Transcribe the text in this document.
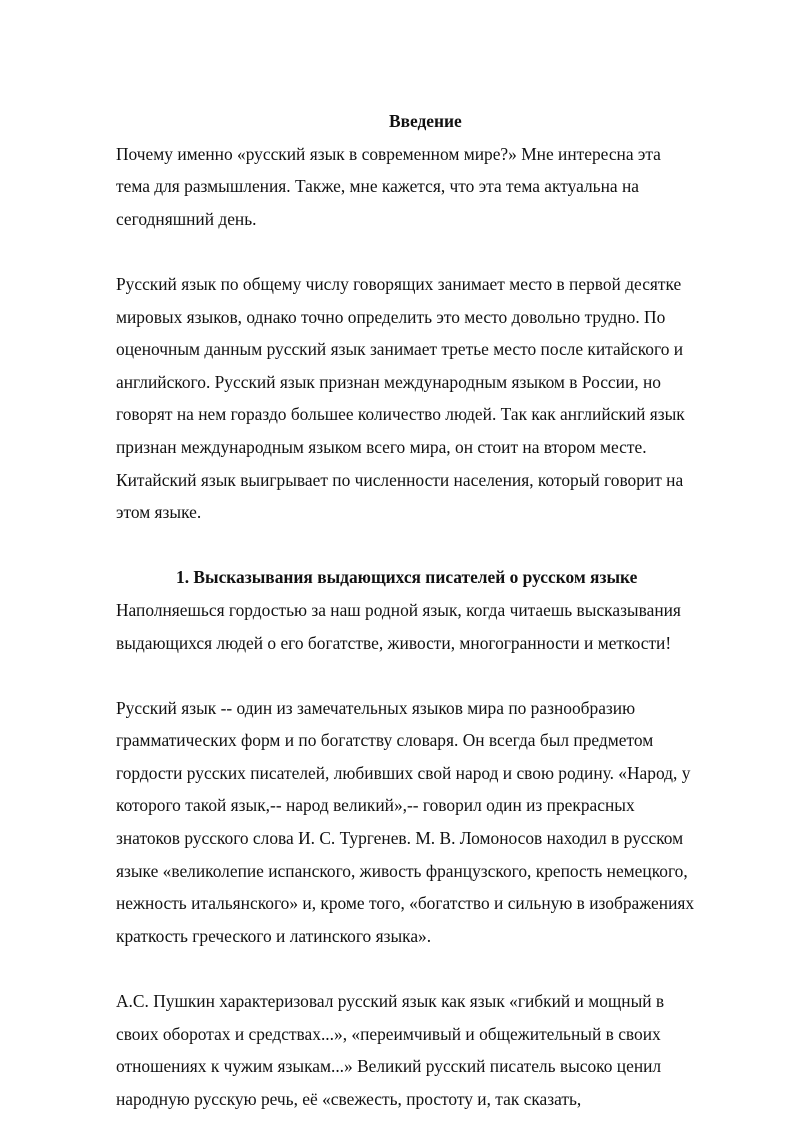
Введение
Почему именно «русский язык в современном мире?» Мне интересна эта
тема для размышления. Также, мне кажется, что эта тема актуальна на
сегодняшний день.
Русский язык по общему числу говорящих занимает место в первой десятке
мировых языков, однако точно определить это место довольно трудно. По
оценочным данным русский язык занимает третье место после китайского и
английского. Русский язык признан международным языком в России, но
говорят на нем гораздо большее количество людей. Так как английский язык
признан международным языком всего мира, он стоит на втором месте.
Китайский язык выигрывает по численности населения, который говорит на
этом языке.
1. Высказывания выдающихся писателей о русском языке
Наполняешься гордостью за наш родной язык, когда читаешь высказывания
выдающихся людей о его богатстве, живости, многогранности и меткости!
Русский язык -- один из замечательных языков мира по разнообразию
грамматических форм и по богатству словаря. Он всегда был предметом
гордости русских писателей, любивших свой народ и свою родину. «Народ, у
которого такой язык,-- народ великий»,-- говорил один из прекрасных
знатоков русского слова И. С. Тургенев. М. В. Ломоносов находил в русском
языке «великолепие испанского, живость французского, крепость немецкого,
нежность итальянского» и, кроме того, «богатство и сильную в изображениях
краткость греческого и латинского языка».
А.С. Пушкин характеризовал русский язык как язык «гибкий и мощный в
своих оборотах и средствах...», «переимчивый и общежительный в своих
отношениях к чужим языкам...» Великий русский писатель высоко ценил
народную русскую речь, её «свежесть, простоту и, так сказать,
